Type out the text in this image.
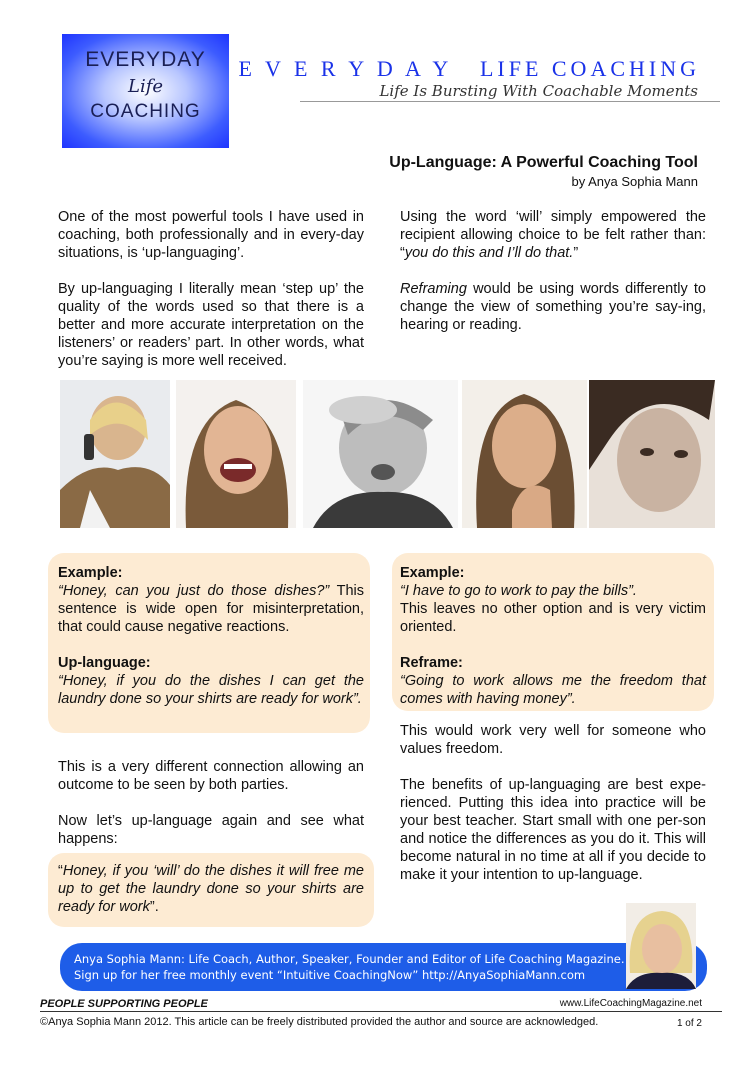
EVERYDAY
Life
COACHING
E V E R Y D A Y   LIFE COACHING
Life Is Bursting With Coachable Moments
Up-Language: A Powerful Coaching Tool
by Anya Sophia Mann

One of the most powerful tools I have used in coaching, both professionally and in every-day situations, is ‘up-languaging’.

By up-languaging I literally mean ‘step up’ the quality of the words used so that there is a better and more accurate interpretation on the listeners’ or readers’ part. In other words, what you’re saying is more well received.

Using the word ‘will’ simply empowered the recipient allowing choice to be felt rather than: “you do this and I’ll do that.”

Reframing would be using words differently to change the view of something you’re say-ing, hearing or reading.

Example:
“Honey, can you just do those dishes?” This sentence is wide open for misinterpretation, that could cause negative reactions.
Up-language:
“Honey, if you do the dishes I can get the laundry done so your shirts are ready for work”.
Example:
“I have to go to work to pay the bills”.
This leaves no other option and is very victim oriented.
Reframe:
“Going to work allows me the freedom that comes with having money”.

This is a very different connection allowing an outcome to be seen by both parties.

Now let’s up-language again and see what happens:

“Honey, if you ‘will’ do the dishes it will free me up to get the laundry done so your shirts are ready for work”.

This would work very well for someone who values freedom.

The benefits of up-languaging are best expe-rienced. Putting this idea into practice will be your best teacher. Start small with one per-son and notice the differences as you do it. This will become natural in no time at all if you decide to make it your intention to up-language.

Anya Sophia Mann: Life Coach, Author, Speaker, Founder and Editor of Life Coaching Magazine.
Sign up for her free monthly event “Intuitive CoachingNow” http://AnyaSophiaMann.com
PEOPLE SUPPORTING PEOPLE	www.LifeCoachingMagazine.net
©Anya Sophia Mann 2012. This article can be freely distributed provided the author and source are acknowledged.	1 of 2
